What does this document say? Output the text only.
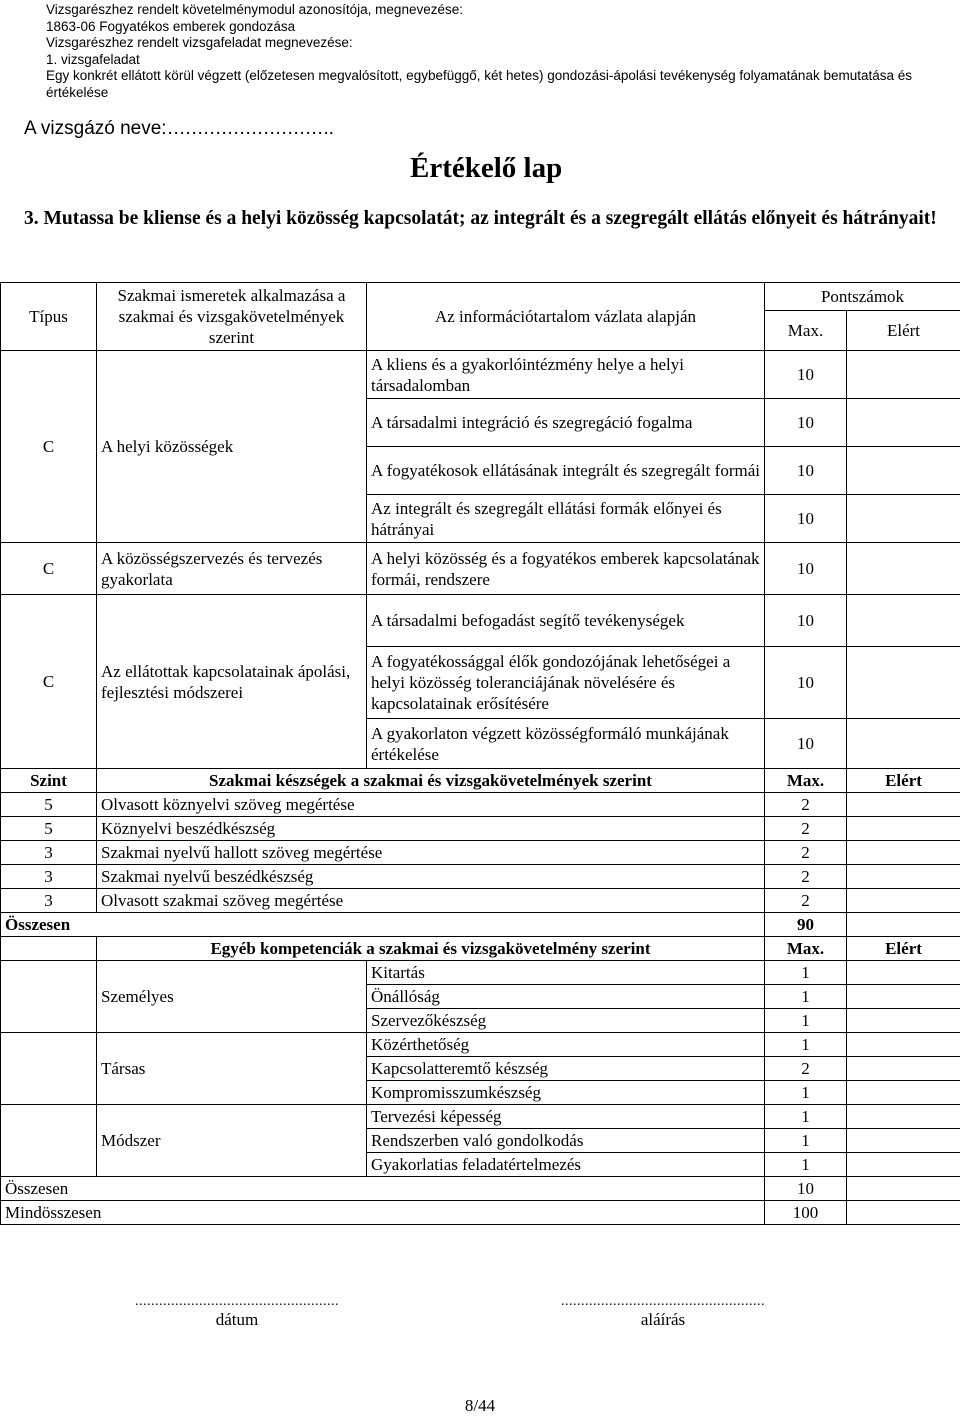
Vizsgarészhez rendelt követelménymodul azonosítója, megnevezése:
1863-06 Fogyatékos emberek gondozása
Vizsgarészhez rendelt vizsgafeladat megnevezése:
1. vizsgafeladat
Egy konkrét ellátott körül végzett (előzetesen megvalósított, egybefüggő, két hetes) gondozási-ápolási tevékenység folyamatának bemutatása és értékelése
A vizsgázó neve:……………………….
Értékelő lap
3. Mutassa be kliense és a helyi közösség kapcsolatát; az integrált és a szegregált ellátás előnyeit és hátrányait!
Típus	Szakmai ismeretek alkalmazása a szakmai és vizsgakövetelmények szerint	Az információtartalom vázlata alapján	Pontszámok	
			Max.	Elért
C	A helyi közösségek	A kliens és a gyakorlóintézmény helye a helyi társadalomban	10	
		A társadalmi integráció és szegregáció fogalma	10	
		A fogyatékosok ellátásának integrált és szegregált formái	10	
		Az integrált és szegregált ellátási formák előnyei és hátrányai	10	
C	A közösségszervezés és tervezés gyakorlata	A helyi közösség és a fogyatékos emberek kapcsolatának formái, rendszere	10	
C	Az ellátottak kapcsolatainak ápolási, fejlesztési módszerei	A társadalmi befogadást segítő tevékenységek	10	
		A fogyatékossággal élők gondozójának lehetőségei a helyi közösség toleranciájának növelésére és kapcsolatainak erősítésére	10	
		A gyakorlaton végzett közösségformáló munkájának értékelése	10	
Szint	Szakmai készségek a szakmai és vizsgakövetelmények szerint		Max.	Elért
5	Olvasott köznyelvi szöveg megértése		2	
5	Köznyelvi beszédkészség		2	
3	Szakmai nyelvű hallott szöveg megértése		2	
3	Szakmai nyelvű beszédkészség		2	
3	Olvasott szakmai szöveg megértése		2	
Összesen			90	
	Egyéb kompetenciák a szakmai és vizsgakövetelmény szerint		Max.	Elért
	Személyes	Kitartás	1	
		Önállóság	1	
		Szervezőkészség	1	
	Társas	Közérthetőség	1	
		Kapcsolatteremtő készség	2	
		Kompromisszumkészség	1	
	Módszer	Tervezési képesség	1	
		Rendszerben való gondolkodás	1	
		Gyakorlatias feladatértelmezés	1	
Összesen			10	
Mindösszesen			100	
...................................................
dátum
...................................................
aláírás
8/44
